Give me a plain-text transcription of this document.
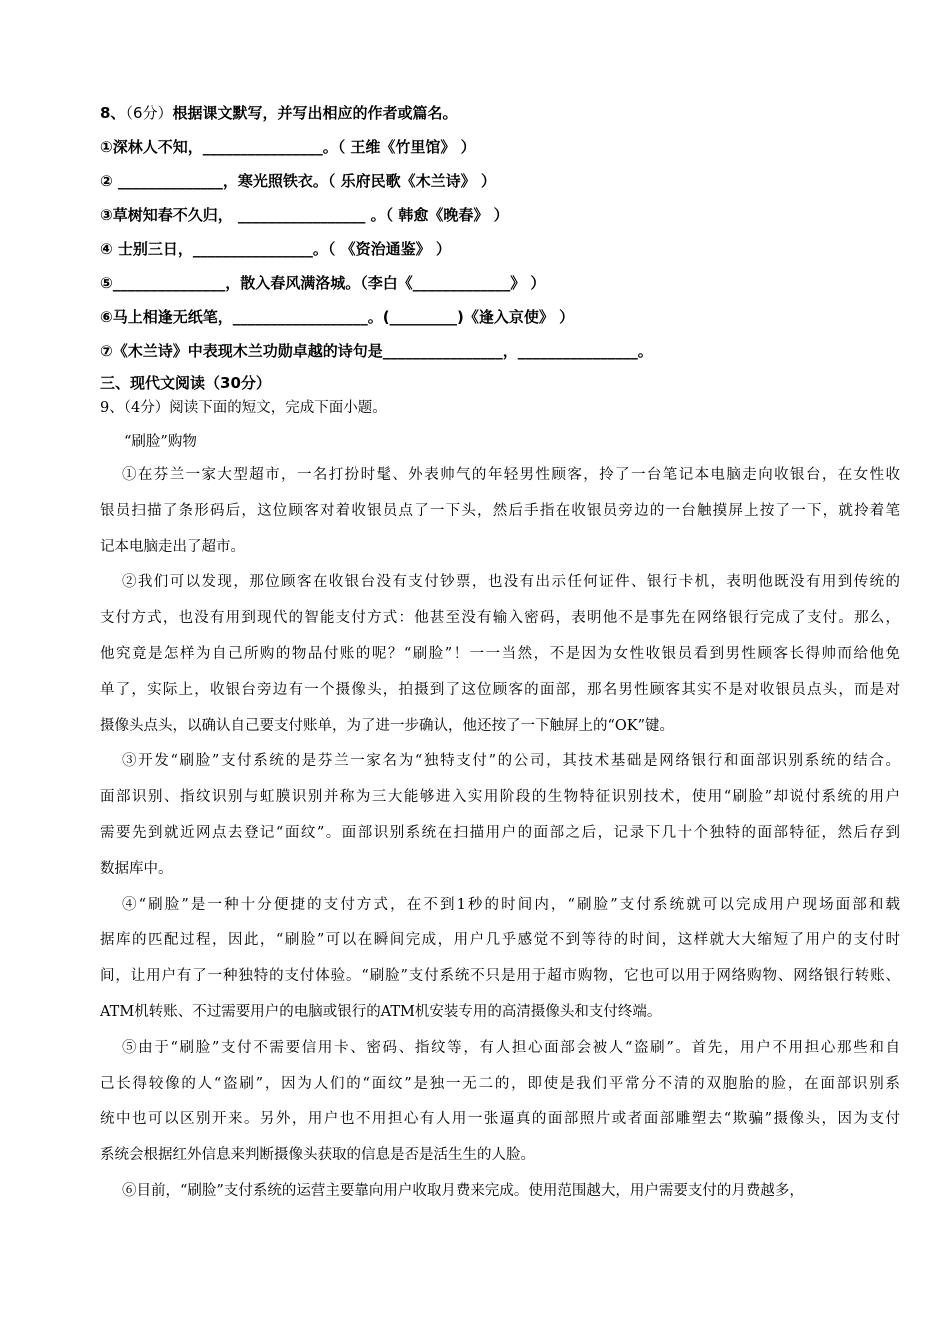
8、（6分）根据课文默写，并写出相应的作者或篇名。
①深林人不知，________________。（ 王维《竹里馆》 ）
② ______________，寒光照铁衣。（ 乐府民歌《木兰诗》 ）
③草树知春不久归， _________________ 。（ 韩愈《晚春》 ）
④ 士别三日，________________。（ 《资治通鉴》 ）
⑤_______________，散入春风满洛城。（李白《_____________》 ）
⑥马上相逢无纸笔，__________________。(_________)《逢入京使》 ）
⑦《木兰诗》中表现木兰功勋卓越的诗句是________________，________________。
三、现代文阅读（30分）
9、（4分）阅读下面的短文，完成下面小题。
“刷脸”购物
①在芬兰一家大型超市，一名打扮时髦、外表帅气的年轻男性顾客，拎了一台笔记本电脑走向收银台，在女性收
银员扫描了条形码后，这位顾客对着收银员点了一下头，然后手指在收银员旁边的一台触摸屏上按了一下，就拎着笔
记本电脑走出了超市。
②我们可以发现，那位顾客在收银台没有支付钞票，也没有出示任何证件、银行卡机，表明他既没有用到传统的
支付方式，也没有用到现代的智能支付方式：他甚至没有输入密码，表明他不是事先在网络银行完成了支付。那么，
他究竟是怎样为自己所购的物品付账的呢？“刷脸”！一一当然，不是因为女性收银员看到男性顾客长得帅而给他免
单了，实际上，收银台旁边有一个摄像头，拍摄到了这位顾客的面部，那名男性顾客其实不是对收银员点头，而是对
摄像头点头，以确认自己要支付账单，为了进一步确认，他还按了一下触屏上的“OK”键。
③开发“刷脸”支付系统的是芬兰一家名为“独特支付”的公司，其技术基础是网络银行和面部识别系统的结合。
面部识别、指纹识别与虹膜识别并称为三大能够进入实用阶段的生物特征识别技术，使用“刷脸”却说付系统的用户
需要先到就近网点去登记“面纹”。面部识别系统在扫描用户的面部之后，记录下几十个独特的面部特征，然后存到
数据库中。
④“刷脸”是一种十分便捷的支付方式，在不到1秒的时间内，“刷脸”支付系统就可以完成用户现场面部和载
据库的匹配过程，因此，“刷脸”可以在瞬间完成，用户几乎感觉不到等待的时间，这样就大大缩短了用户的支付时
间，让用户有了一种独特的支付体验。“刷脸”支付系统不只是用于超市购物，它也可以用于网络购物、网络银行转账、
ATM机转账、不过需要用户的电脑或银行的ATM机安装专用的高清摄像头和支付终端。
⑤由于“刷脸”支付不需要信用卡、密码、指纹等，有人担心面部会被人“盗刷”。首先，用户不用担心那些和自
己长得较像的人“盗刷”，因为人们的“面纹”是独一无二的，即使是我们平常分不清的双胞胎的脸，在面部识别系
统中也可以区别开来。另外，用户也不用担心有人用一张逼真的面部照片或者面部雕塑去“欺骗”摄像头，因为支付
系统会根据红外信息来判断摄像头获取的信息是否是活生生的人脸。
⑥目前，“刷脸”支付系统的运营主要靠向用户收取月费来完成。使用范围越大，用户需要支付的月费越多，
